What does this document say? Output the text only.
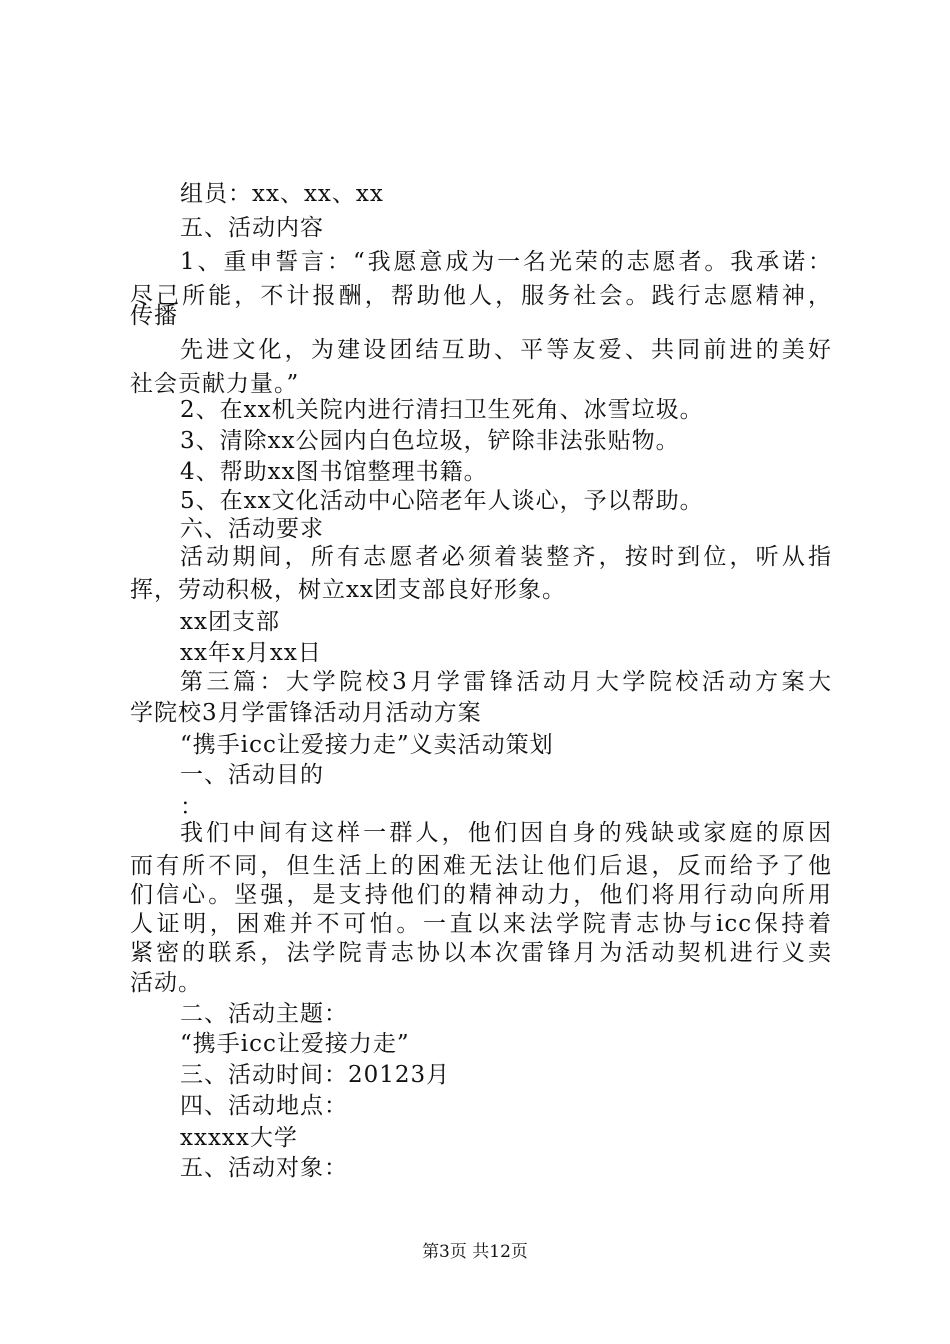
组员：xx、xx、xx
五、活动内容
1、重申誓言：“我愿意成为一名光荣的志愿者。我承诺：
尽己所能，不计报酬，帮助他人，服务社会。践行志愿精神，
传播
先进文化，为建设团结互助、平等友爱、共同前进的美好
社会贡献力量。”
2、在xx机关院内进行清扫卫生死角、冰雪垃圾。
3、清除xx公园内白色垃圾，铲除非法张贴物。
4、帮助xx图书馆整理书籍。
5、在xx文化活动中心陪老年人谈心，予以帮助。
六、活动要求
活动期间，所有志愿者必须着装整齐，按时到位，听从指
挥，劳动积极，树立xx团支部良好形象。
xx团支部
xx年x月xx日
第三篇：大学院校3月学雷锋活动月大学院校活动方案大
学院校3月学雷锋活动月活动方案
“携手icc让爱接力走”义卖活动策划
一、活动目的
：
我们中间有这样一群人，他们因自身的残缺或家庭的原因
而有所不同，但生活上的困难无法让他们后退，反而给予了他
们信心。坚强，是支持他们的精神动力，他们将用行动向所用
人证明，困难并不可怕。一直以来法学院青志协与icc保持着
紧密的联系，法学院青志协以本次雷锋月为活动契机进行义卖
活动。
二、活动主题：
“携手icc让爱接力走”
三、活动时间：20123月
四、活动地点：
xxxxx大学
五、活动对象：
第3页 共12页
